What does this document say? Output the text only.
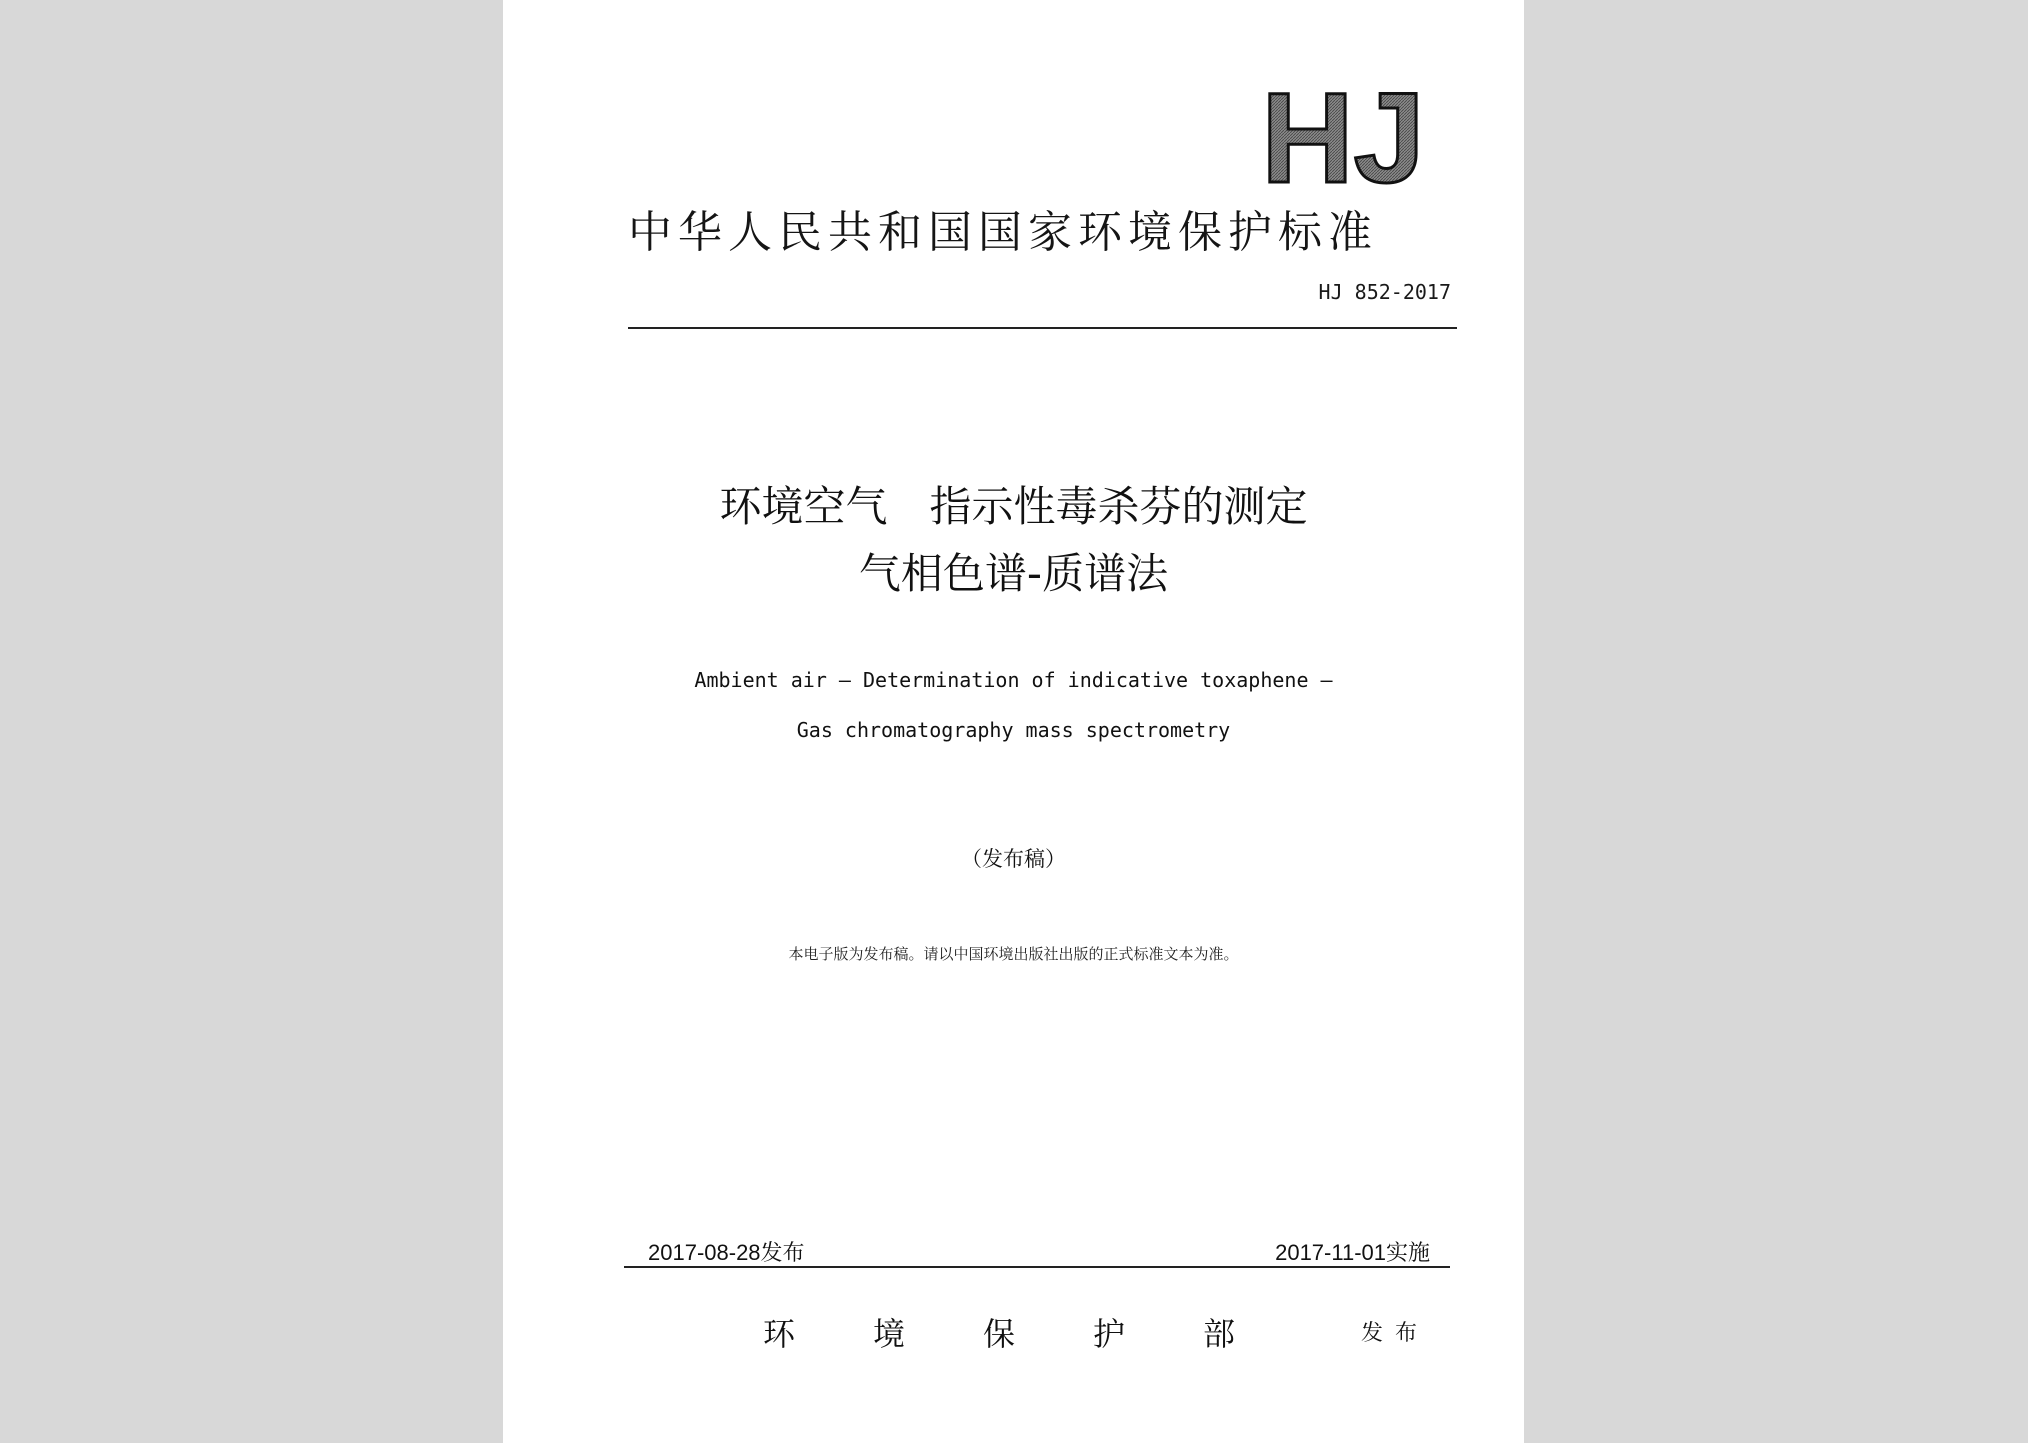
HJ
中华人民共和国国家环境保护标准
HJ 852-2017
环境空气　指示性毒杀芬的测定
气相色谱-质谱法
Ambient air — Determination of indicative toxaphene —
Gas chromatography mass spectrometry
（发布稿）
本电子版为发布稿。请以中国环境出版社出版的正式标准文本为准。
2017-08-28发布	2017-11-01实施
环境保护部 发布
